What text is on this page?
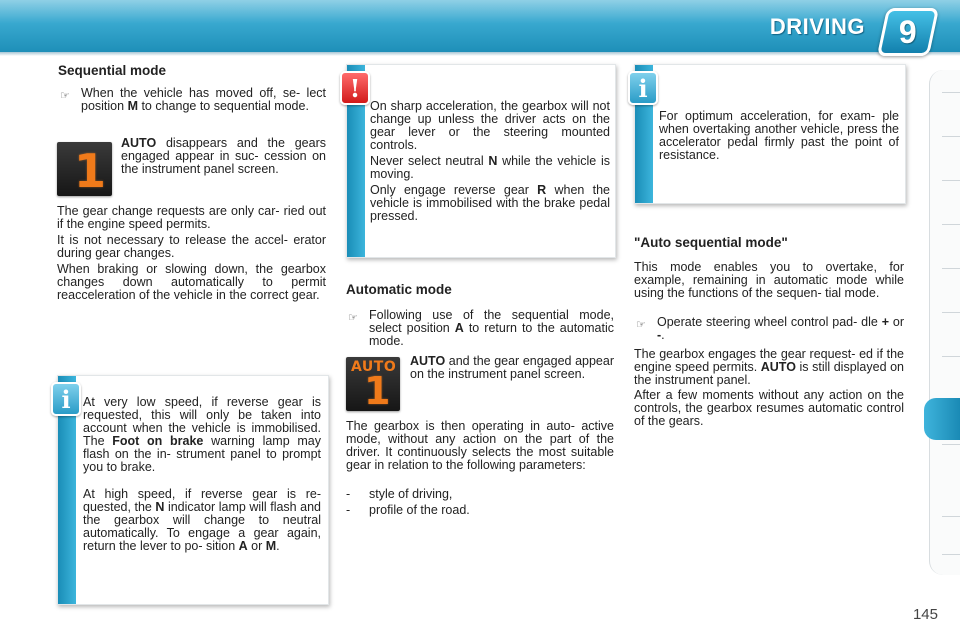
DRIVING 9
Sequential mode
☞ When the vehicle has moved off, se- lect position M to change to sequential mode.

1

AUTO disappears and the gears engaged appear in suc- cession on the instrument panel screen.

The gear change requests are only car- ried out if the engine speed permits.

It is not necessary to release the accel- erator during gear changes.

When braking or slowing down, the gearbox changes down automatically to permit reacceleration of the vehicle in the correct gear.

At very low speed, if reverse gear is requested, this will only be taken into account when the vehicle is immobilised. The Foot on brake warning lamp may flash on the in- strument panel to prompt you to brake.

At high speed, if reverse gear is re- quested, the N indicator lamp will flash and the gearbox will change to neutral automatically. To engage a gear again, return the lever to po- sition A or M.

i

On sharp acceleration, the gearbox will not change up unless the driver acts on the gear lever or the steering mounted controls.

Never select neutral N while the vehicle is moving.

Only engage reverse gear R when the vehicle is immobilised with the brake pedal pressed.

!
Automatic mode
☞ Following use of the sequential mode, select position A to return to the automatic mode.

AUTO
1

AUTO and the gear engaged appear on the instrument panel screen.

The gearbox is then operating in auto- active mode, without any action on the part of the driver. It continuously selects the most suitable gear in relation to the following parameters:

- style of driving,

- profile of the road.

For optimum acceleration, for exam- ple when overtaking another vehicle, press the accelerator pedal firmly past the point of resistance.

i
"Auto sequential mode"

This mode enables you to overtake, for example, remaining in automatic mode while using the functions of the sequen- tial mode.

☞ Operate steering wheel control pad- dle + or -.

The gearbox engages the gear request- ed if the engine speed permits. AUTO is still displayed on the instrument panel.

After a few moments without any action on the controls, the gearbox resumes automatic control of the gears.

145
